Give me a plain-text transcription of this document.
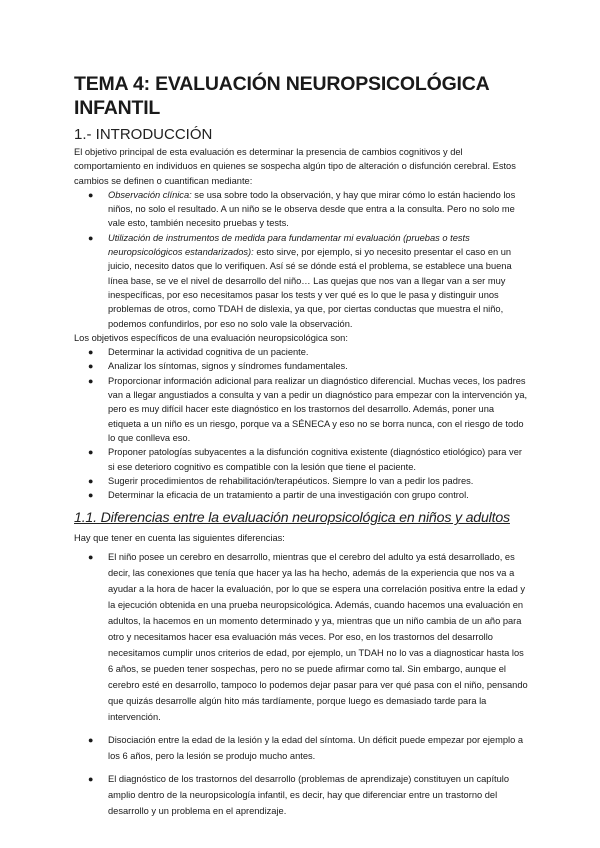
TEMA 4: EVALUACIÓN NEUROPSICOLÓGICA
INFANTIL
1.- INTRODUCCIÓN

El objetivo principal de esta evaluación es determinar la presencia de cambios cognitivos y del comportamiento en individuos en quienes se sospecha algún tipo de alteración o disfunción cerebral. Estos cambios se definen o cuantifican mediante:

● Observación clínica: se usa sobre todo la observación, y hay que mirar cómo lo están haciendo los niños, no solo el resultado. A un niño se le observa desde que entra a la consulta. Pero no solo me vale esto, también necesito pruebas y tests.
● Utilización de instrumentos de medida para fundamentar mi evaluación (pruebas o tests neuropsicológicos estandarizados): esto sirve, por ejemplo, si yo necesito presentar el caso en un juicio, necesito datos que lo verifiquen. Así sé se dónde está el problema, se establece una buena línea base, se ve el nivel de desarrollo del niño… Las quejas que nos van a llegar van a ser muy inespecíficas, por eso necesitamos pasar los tests y ver qué es lo que le pasa y distinguir unos problemas de otros, como TDAH de dislexia, ya que, por ciertas conductas que muestra el niño, podemos confundirlos, por eso no solo vale la observación.

Los objetivos específicos de una evaluación neuropsicológica son:

● Determinar la actividad cognitiva de un paciente.
● Analizar los síntomas, signos y síndromes fundamentales.
● Proporcionar información adicional para realizar un diagnóstico diferencial. Muchas veces, los padres van a llegar angustiados a consulta y van a pedir un diagnóstico para empezar con la intervención ya, pero es muy difícil hacer este diagnóstico en los trastornos del desarrollo. Además, poner una etiqueta a un niño es un riesgo, porque va a SÉNECA y eso no se borra nunca, con el riesgo de todo lo que conlleva eso.
● Proponer patologías subyacentes a la disfunción cognitiva existente (diagnóstico etiológico) para ver si ese deterioro cognitivo es compatible con la lesión que tiene el paciente.
● Sugerir procedimientos de rehabilitación/terapéuticos. Siempre lo van a pedir los padres.
● Determinar la eficacia de un tratamiento a partir de una investigación con grupo control.
1.1. Diferencias entre la evaluación neuropsicológica en niños y adultos

Hay que tener en cuenta las siguientes diferencias:

● El niño posee un cerebro en desarrollo, mientras que el cerebro del adulto ya está desarrollado, es decir, las conexiones que tenía que hacer ya las ha hecho, además de la experiencia que nos va a ayudar a la hora de hacer la evaluación, por lo que se espera una correlación positiva entre la edad y la ejecución obtenida en una prueba neuropsicológica. Además, cuando hacemos una evaluación en adultos, la hacemos en un momento determinado y ya, mientras que un niño cambia de un año para otro y necesitamos hacer esa evaluación más veces. Por eso, en los trastornos del desarrollo necesitamos cumplir unos criterios de edad, por ejemplo, un TDAH no lo vas a diagnosticar hasta los 6 años, se pueden tener sospechas, pero no se puede afirmar como tal. Sin embargo, aunque el cerebro esté en desarrollo, tampoco lo podemos dejar pasar para ver qué pasa con el niño, pensando que quizás desarrolle algún hito más tardíamente, porque luego es demasiado tarde para la intervención.
● Disociación entre la edad de la lesión y la edad del síntoma. Un déficit puede empezar por ejemplo a los 6 años, pero la lesión se produjo mucho antes.
● El diagnóstico de los trastornos del desarrollo (problemas de aprendizaje) constituyen un capítulo amplio dentro de la neuropsicología infantil, es decir, hay que diferenciar entre un trastorno del desarrollo y un problema en el aprendizaje.
